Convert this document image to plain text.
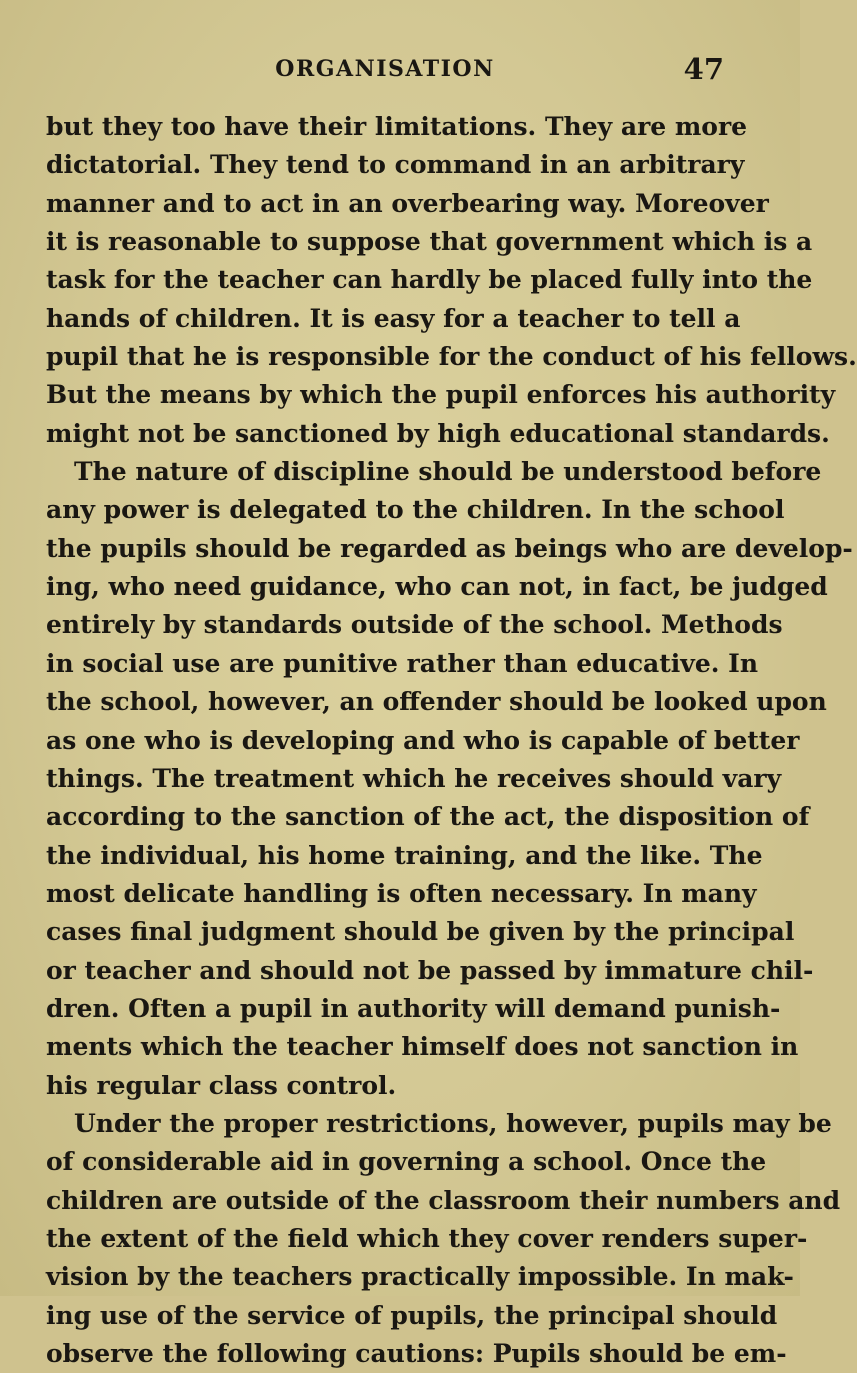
ORGANISATION	47
but they too have their limitations. They are more
dictatorial. They tend to command in an arbitrary
manner and to act in an overbearing way. Moreover
it is reasonable to suppose that government which is a
task for the teacher can hardly be placed fully into the
hands of children. It is easy for a teacher to tell a
pupil that he is responsible for the conduct of his fellows.
But the means by which the pupil enforces his authority
might not be sanctioned by high educational standards.
The nature of discipline should be understood before
any power is delegated to the children. In the school
the pupils should be regarded as beings who are develop-
ing, who need guidance, who can not, in fact, be judged
entirely by standards outside of the school. Methods
in social use are punitive rather than educative. In
the school, however, an offender should be looked upon
as one who is developing and who is capable of better
things. The treatment which he receives should vary
according to the sanction of the act, the disposition of
the individual, his home training, and the like. The
most delicate handling is often necessary. In many
cases final judgment should be given by the principal
or teacher and should not be passed by immature chil-
dren. Often a pupil in authority will demand punish-
ments which the teacher himself does not sanction in
his regular class control.
Under the proper restrictions, however, pupils may be
of considerable aid in governing a school. Once the
children are outside of the classroom their numbers and
the extent of the field which they cover renders super-
vision by the teachers practically impossible. In mak-
ing use of the service of pupils, the principal should
observe the following cautions: Pupils should be em-
